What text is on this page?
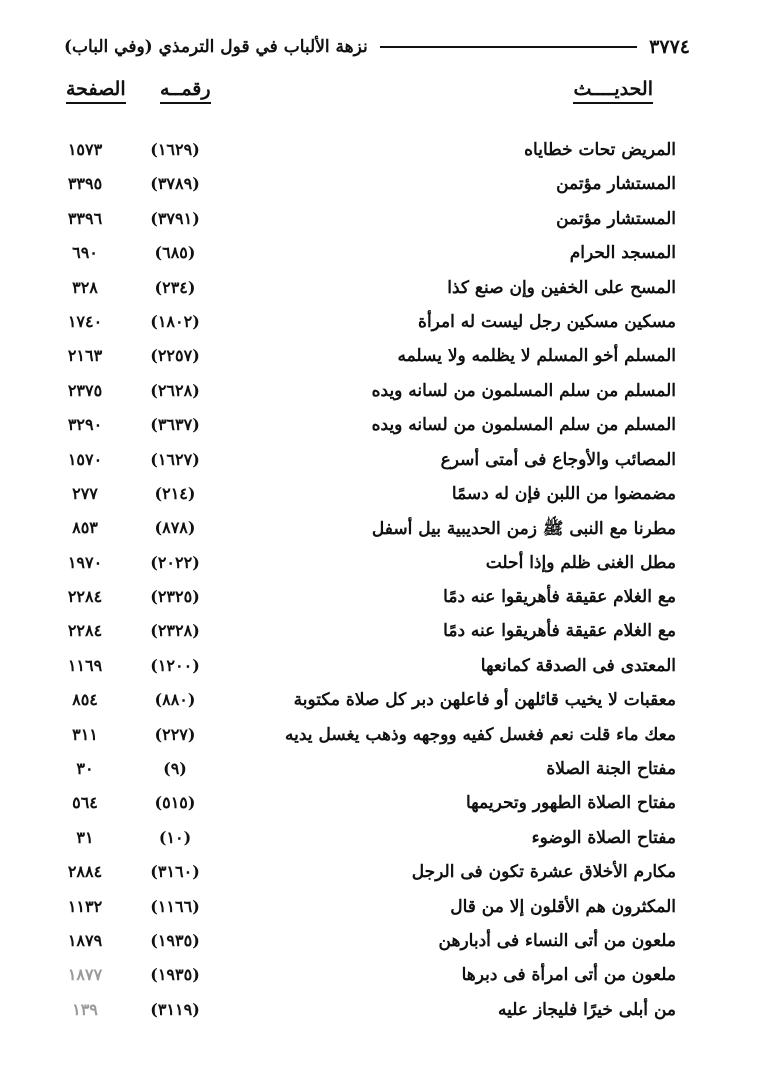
٣٧٧٤
نزهة الألباب في قول الترمذي (وفي الباب)
الحديــــث
رقمــه
الصفحة
المريض تحات خطاياه
(١٦٢٩)
١٥٧٣
المستشار مؤتمن
(٣٧٨٩)
٣٣٩٥
المستشار مؤتمن
(٣٧٩١)
٣٣٩٦
المسجد الحرام
(٦٨٥)
٦٩٠
المسح على الخفين وإن صنع كذا
(٢٣٤)
٣٢٨
مسكين مسكين رجل ليست له امرأة
(١٨٠٢)
١٧٤٠
المسلم أخو المسلم لا يظلمه ولا يسلمه
(٢٢٥٧)
٢١٦٣
المسلم من سلم المسلمون من لسانه ويده
(٢٦٢٨)
٢٣٧٥
المسلم من سلم المسلمون من لسانه ويده
(٣٦٣٧)
٣٢٩٠
المصائب والأوجاع فى أمتى أسرع
(١٦٢٧)
١٥٧٠
مضمضوا من اللبن فإن له دسمًا
(٢١٤)
٢٧٧
مطرنا مع النبى ﷺ زمن الحديبية بيل أسفل
(٨٧٨)
٨٥٣
مطل الغنى ظلم وإذا أحلت
(٢٠٢٢)
١٩٧٠
مع الغلام عقيقة فأهريقوا عنه دمًا
(٢٣٢٥)
٢٢٨٤
مع الغلام عقيقة فأهريقوا عنه دمًا
(٢٣٢٨)
٢٢٨٤
المعتدى فى الصدقة كمانعها
(١٢٠٠)
١١٦٩
معقبات لا يخيب قائلهن أو فاعلهن دبر كل صلاة مكتوبة
(٨٨٠)
٨٥٤
معك ماء قلت نعم فغسل كفيه ووجهه وذهب يغسل يديه
(٢٢٧)
٣١١
مفتاح الجنة الصلاة
(٩)
٣٠
مفتاح الصلاة الطهور وتحريمها
(٥١٥)
٥٦٤
مفتاح الصلاة الوضوء
(١٠)
٣١
مكارم الأخلاق عشرة تكون فى الرجل
(٣١٦٠)
٢٨٨٤
المكثرون هم الأقلون إلا من قال
(١١٦٦)
١١٣٢
ملعون من أتى النساء فى أدبارهن
(١٩٣٥)
١٨٧٩
ملعون من أتى امرأة فى دبرها
(١٩٣٥)
١٨٧٧
من أبلى خيرًا فليجاز عليه
(٣١١٩)
١٣٩
